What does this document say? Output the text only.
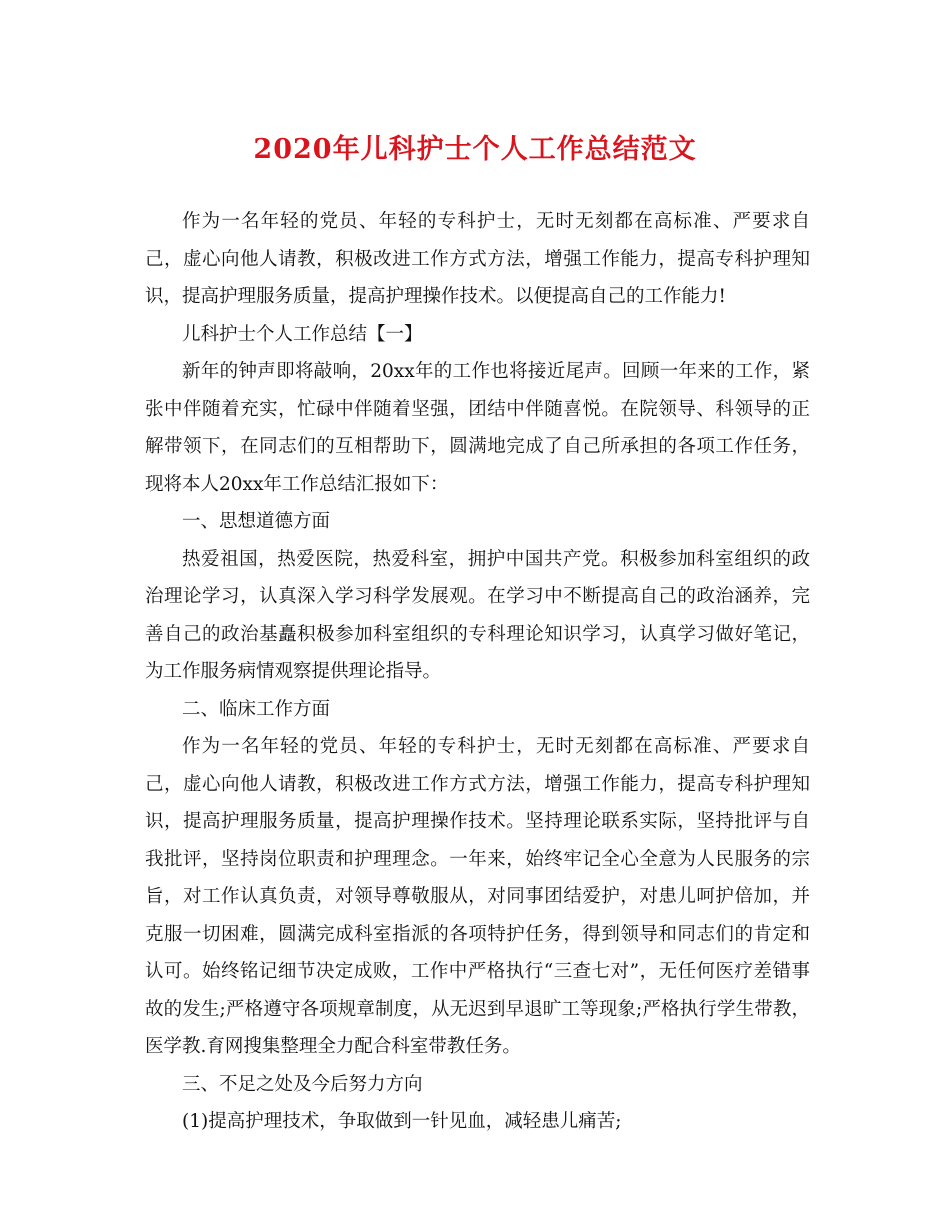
2020年儿科护士个人工作总结范文

作为一名年轻的党员、年轻的专科护士，无时无刻都在高标准、严要求自己，虚心向他人请教，积极改进工作方式方法，增强工作能力，提高专科护理知识，提高护理服务质量，提高护理操作技术。以便提高自己的工作能力!

儿科护士个人工作总结【一】

新年的钟声即将敲响，20xx年的工作也将接近尾声。回顾一年来的工作，紧张中伴随着充实，忙碌中伴随着坚强，团结中伴随喜悦。在院领导、科领导的正解带领下，在同志们的互相帮助下，圆满地完成了自己所承担的各项工作任务，现将本人20xx年工作总结汇报如下：

一、思想道德方面

热爱祖国，热爱医院，热爱科室，拥护中国共产党。积极参加科室组织的政治理论学习，认真深入学习科学发展观。在学习中不断提高自己的政治涵养，完善自己的政治基矗积极参加科室组织的专科理论知识学习，认真学习做好笔记，为工作服务病情观察提供理论指导。

二、临床工作方面

作为一名年轻的党员、年轻的专科护士，无时无刻都在高标准、严要求自己，虚心向他人请教，积极改进工作方式方法，增强工作能力，提高专科护理知识，提高护理服务质量，提高护理操作技术。坚持理论联系实际，坚持批评与自我批评，坚持岗位职责和护理理念。一年来，始终牢记全心全意为人民服务的宗旨，对工作认真负责，对领导尊敬服从，对同事团结爱护，对患儿呵护倍加，并克服一切困难，圆满完成科室指派的各项特护任务，得到领导和同志们的肯定和认可。始终铭记细节决定成败，工作中严格执行“三查七对”，无任何医疗差错事故的发生;严格遵守各项规章制度，从无迟到早退旷工等现象;严格执行学生带教，医学教.育网搜集整理全力配合科室带教任务。

三、不足之处及今后努力方向

(1)提高护理技术，争取做到一针见血，减轻患儿痛苦;
